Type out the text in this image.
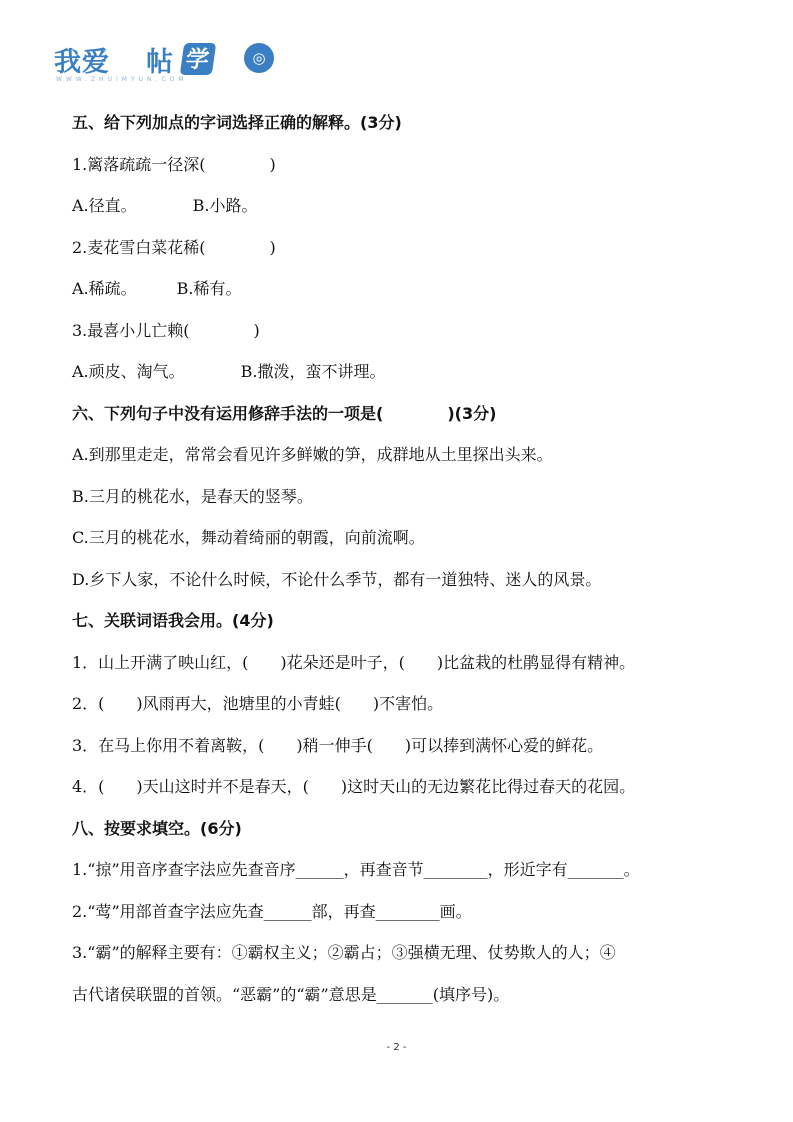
我爱 帖 学	◎
WWW.ZHUIMYUN.COM
五、给下列加点的字词选择正确的解释。(3分)
1.篱落疏疏一径深(　　　　)
A.径直。　　　　B.小路。
2.麦花雪白菜花稀(　　　　)
A.稀疏。　　　B.稀有。
3.最喜小儿亡赖(　　　　)
A.顽皮、淘气。　　　　B.撒泼，蛮不讲理。
六、下列句子中没有运用修辞手法的一项是(　　　　)(3分)
A.到那里走走，常常会看见许多鲜嫩的笋，成群地从土里探出头来。
B.三月的桃花水，是春天的竖琴。
C.三月的桃花水，舞动着绮丽的朝霞，向前流啊。
D.乡下人家，不论什么时候，不论什么季节，都有一道独特、迷人的风景。
七、关联词语我会用。(4分)
1．山上开满了映山红，(　　)花朵还是叶子，(　　)比盆栽的杜鹃显得有精神。
2．(　　)风雨再大，池塘里的小青蛙(　　)不害怕。
3．在马上你用不着离鞍，(　　)稍一伸手(　　)可以捧到满怀心爱的鲜花。
4．(　　)天山这时并不是春天，(　　)这时天山的无边繁花比得过春天的花园。
八、按要求填空。(6分)
1.“掠”用音序查字法应先查音序______，再查音节________，形近字有_______。
2.“莺”用部首查字法应先查______部，再查________画。
3.“霸”的解释主要有：①霸权主义；②霸占；③强横无理、仗势欺人的人；④
古代诸侯联盟的首领。“恶霸”的“霸”意思是_______(填序号)。
- 2 -
